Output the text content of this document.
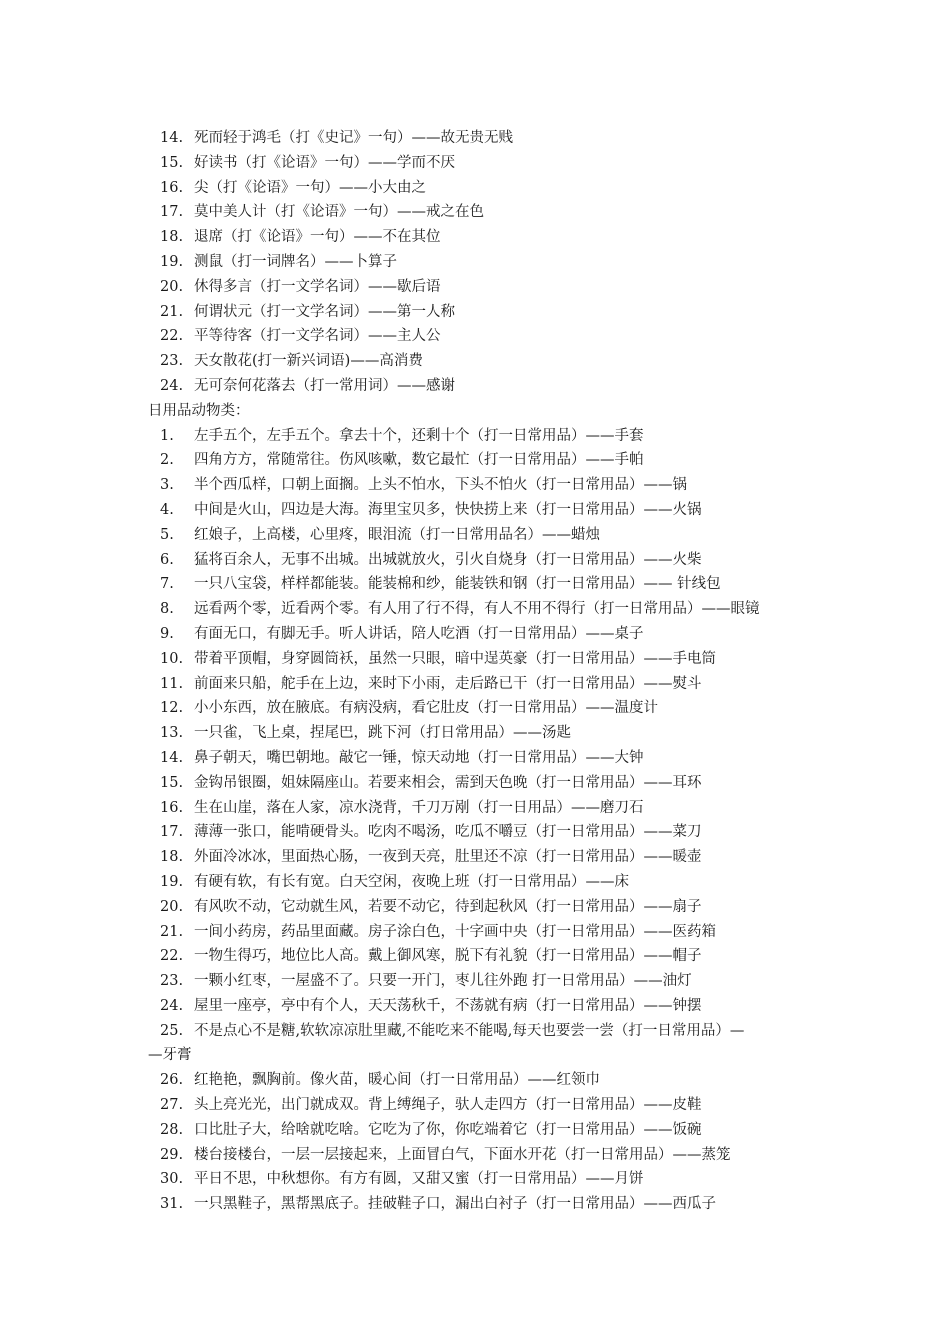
14. 死而轻于鸿毛（打《史记》一句）——故无贵无贱
15. 好读书（打《论语》一句）——学而不厌
16. 尖（打《论语》一句）——小大由之
17. 莫中美人计（打《论语》一句）——戒之在色
18. 退席（打《论语》一句）——不在其位
19. 测鼠（打一词牌名）——卜算子
20. 休得多言（打一文学名词）——歇后语
21. 何谓状元（打一文学名词）——第一人称
22. 平等待客（打一文学名词）——主人公
23. 天女散花(打一新兴词语)——高消费
24. 无可奈何花落去（打一常用词）——感谢
日用品动物类：
1. 左手五个，左手五个。拿去十个，还剩十个（打一日常用品）——手套
2. 四角方方，常随常往。伤风咳嗽，数它最忙（打一日常用品）——手帕
3. 半个西瓜样，口朝上面搁。上头不怕水，下头不怕火（打一日常用品）——锅
4. 中间是火山，四边是大海。海里宝贝多，快快捞上来（打一日常用品）——火锅
5. 红娘子，上高楼，心里疼，眼泪流（打一日常用品名）——蜡烛
6. 猛将百余人，无事不出城。出城就放火，引火自烧身（打一日常用品）——火柴
7. 一只八宝袋，样样都能装。能装棉和纱，能装铁和钢（打一日常用品）—— 针线包
8. 远看两个零，近看两个零。有人用了行不得，有人不用不得行（打一日常用品）——眼镜
9. 有面无口，有脚无手。听人讲话，陪人吃酒（打一日常用品）——桌子
10. 带着平顶帽，身穿圆筒袄，虽然一只眼，暗中逞英豪（打一日常用品）——手电筒
11. 前面来只船，舵手在上边，来时下小雨，走后路已干（打一日常用品）——熨斗
12. 小小东西，放在腋底。有病没病，看它肚皮（打一日常用品）——温度计
13. 一只雀，飞上桌，捏尾巴，跳下河（打日常用品）——汤匙
14. 鼻子朝天，嘴巴朝地。敲它一锤，惊天动地（打一日常用品）——大钟
15. 金钩吊银圈，姐妹隔座山。若要来相会，需到天色晚（打一日常用品）——耳环
16. 生在山崖，落在人家，凉水浇背，千刀万剐（打一日用品）——磨刀石
17. 薄薄一张口，能啃硬骨头。吃肉不喝汤，吃瓜不嚼豆（打一日常用品）——菜刀
18. 外面冷冰冰，里面热心肠，一夜到天亮，肚里还不凉（打一日常用品）——暖壶
19. 有硬有软，有长有宽。白天空闲，夜晚上班（打一日常用品）——床
20. 有风吹不动，它动就生风，若要不动它，待到起秋风（打一日常用品）——扇子
21. 一间小药房，药品里面藏。房子涂白色，十字画中央（打一日常用品）——医药箱
22. 一物生得巧，地位比人高。戴上御风寒，脱下有礼貌（打一日常用品）——帽子
23. 一颗小红枣，一屋盛不了。只要一开门，枣儿往外跑 打一日常用品）——油灯
24. 屋里一座亭，亭中有个人，天天荡秋千，不荡就有病（打一日常用品）——钟摆
25. 不是点心不是糖,软软凉凉肚里藏,不能吃来不能喝,每天也要尝一尝（打一日常用品）—
—牙膏
26. 红艳艳，飘胸前。像火苗，暖心间（打一日常用品）——红领巾
27. 头上亮光光，出门就成双。背上缚绳子，驮人走四方（打一日常用品）——皮鞋
28. 口比肚子大，给啥就吃啥。它吃为了你，你吃端着它（打一日常用品）——饭碗
29. 楼台接楼台，一层一层接起来，上面冒白气，下面水开花（打一日常用品）——蒸笼
30. 平日不思，中秋想你。有方有圆，又甜又蜜（打一日常用品）——月饼
31. 一只黑鞋子，黑帮黑底子。挂破鞋子口，漏出白衬子（打一日常用品）——西瓜子
